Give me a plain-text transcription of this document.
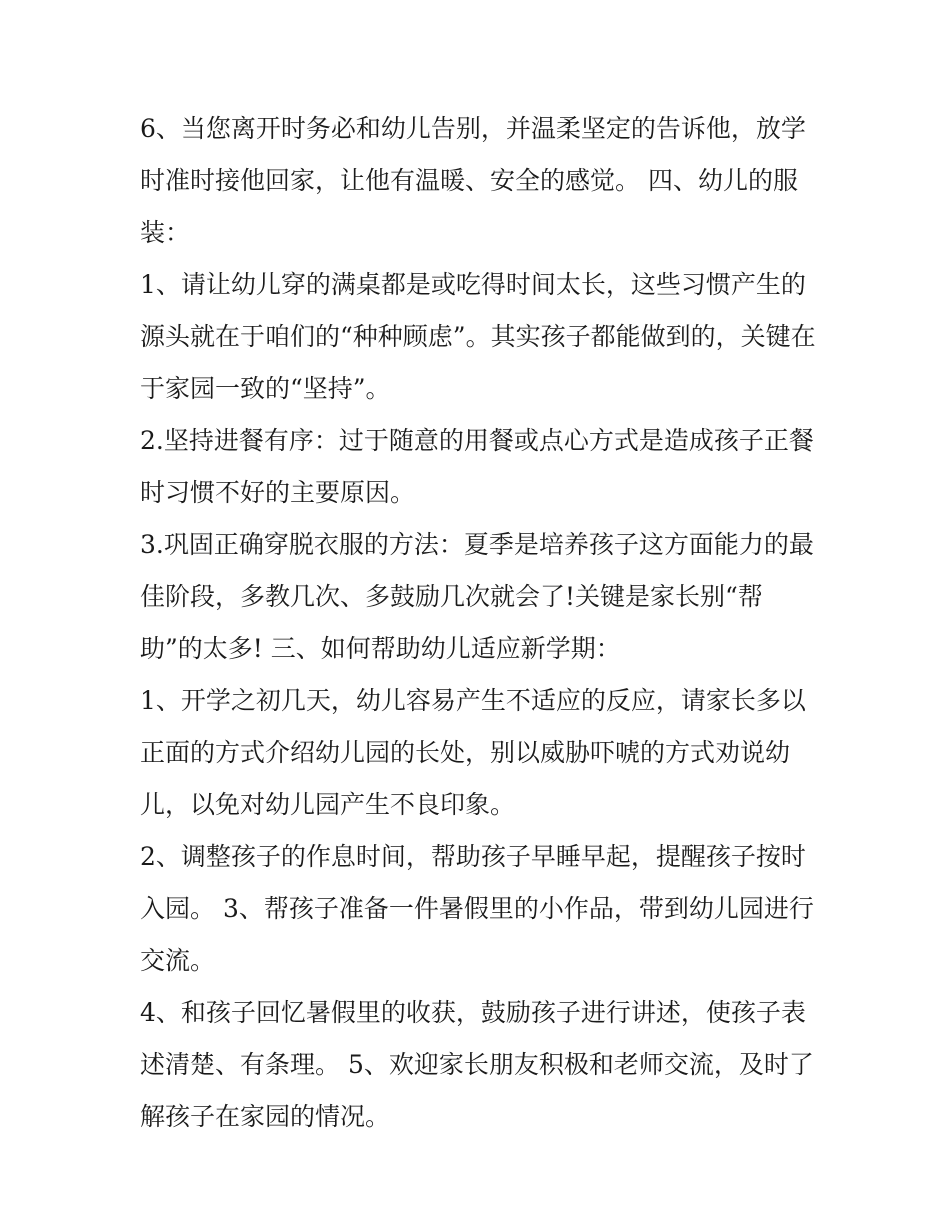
6、当您离开时务必和幼儿告别，并温柔坚定的告诉他，放学时准时接他回家，让他有温暖、安全的感觉。 四、幼儿的服装：

1、请让幼儿穿的满桌都是或吃得时间太长，这些习惯产生的源头就在于咱们的“种种顾虑”。其实孩子都能做到的，关键在于家园一致的“坚持”。

2.坚持进餐有序：过于随意的用餐或点心方式是造成孩子正餐时习惯不好的主要原因。

3.巩固正确穿脱衣服的方法：夏季是培养孩子这方面能力的最佳阶段，多教几次、多鼓励几次就会了!关键是家长别“帮助”的太多! 三、如何帮助幼儿适应新学期：

1、开学之初几天，幼儿容易产生不适应的反应，请家长多以正面的方式介绍幼儿园的长处，别以威胁吓唬的方式劝说幼儿，以免对幼儿园产生不良印象。

2、调整孩子的作息时间，帮助孩子早睡早起，提醒孩子按时入园。 3、帮孩子准备一件暑假里的小作品，带到幼儿园进行交流。

4、和孩子回忆暑假里的收获，鼓励孩子进行讲述，使孩子表述清楚、有条理。 5、欢迎家长朋友积极和老师交流，及时了解孩子在家园的情况。
